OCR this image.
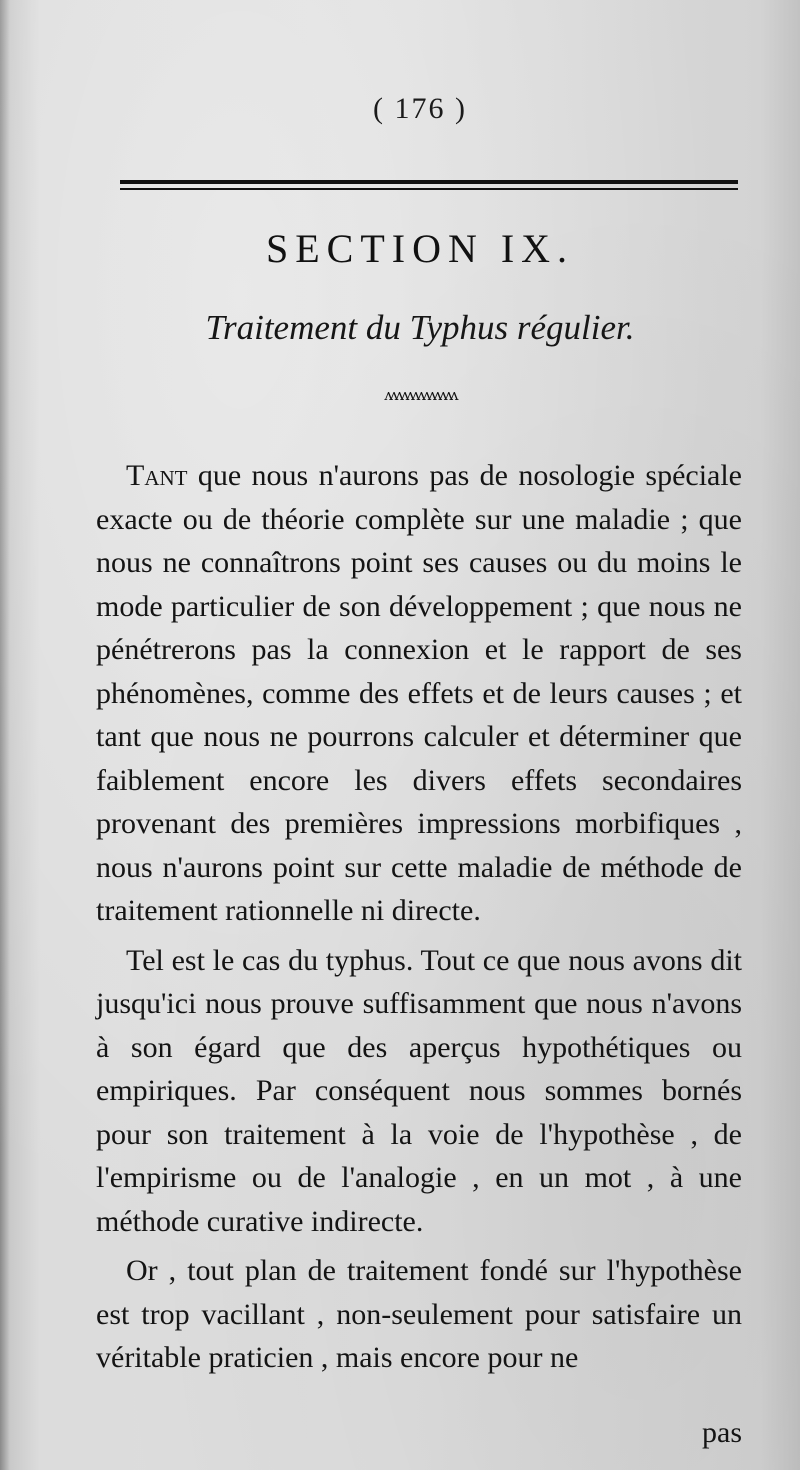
( 176 )
SECTION IX.
Traitement du Typhus régulier.
ʌʌʌʌʌʌʌʌʌʌʌʌʌ

Tant que nous n'aurons pas de nosologie spéciale exacte ou de théorie complète sur une maladie ; que nous ne connaîtrons point ses causes ou du moins le mode particulier de son développement ; que nous ne pénétrerons pas la connexion et le rapport de ses phénomènes, comme des effets et de leurs causes ; et tant que nous ne pourrons calculer et déterminer que faiblement encore les divers effets secondaires provenant des premières impressions morbifiques , nous n'aurons point sur cette maladie de méthode de traitement rationnelle ni directe.

Tel est le cas du typhus. Tout ce que nous avons dit jusqu'ici nous prouve suffisamment que nous n'avons à son égard que des aperçus hypothétiques ou empiriques. Par conséquent nous sommes bornés pour son traitement à la voie de l'hypothèse , de l'empirisme ou de l'analogie , en un mot , à une méthode curative indirecte.

Or , tout plan de traitement fondé sur l'hypothèse est trop vacillant , non-seulement pour satisfaire un véritable praticien , mais encore pour ne

pas
